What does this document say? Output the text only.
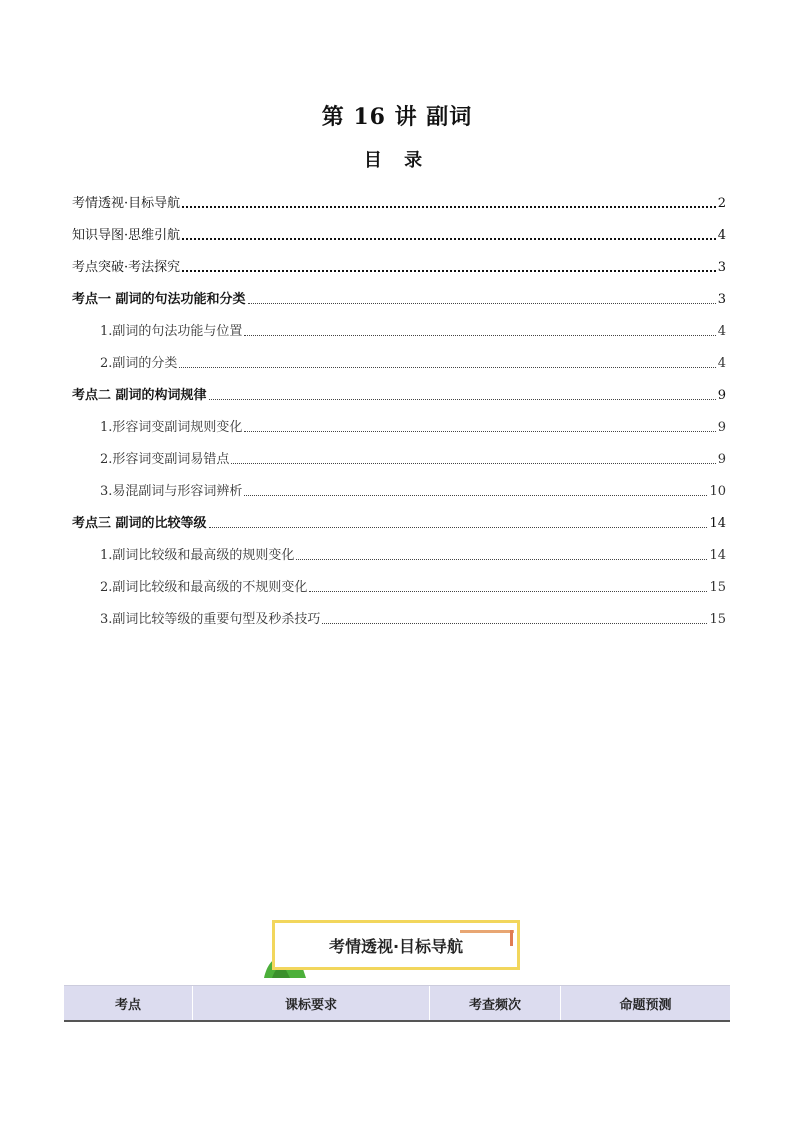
第 16 讲 副词
目 录
考情透视·目标导航	2
知识导图·思维引航	4
考点突破·考法探究	3
考点一 副词的句法功能和分类	3
1.副词的句法功能与位置	4
2.副词的分类	4
考点二 副词的构词规律	9
1.形容词变副词规则变化	9
2.形容词变副词易错点	9
3.易混副词与形容词辨析	10
考点三 副词的比较等级	14
1.副词比较级和最高级的规则变化	14
2.副词比较级和最高级的不规则变化	15
3.副词比较等级的重要句型及秒杀技巧	15
考情透视·目标导航
考点	课标要求	考查频次	命题预测
